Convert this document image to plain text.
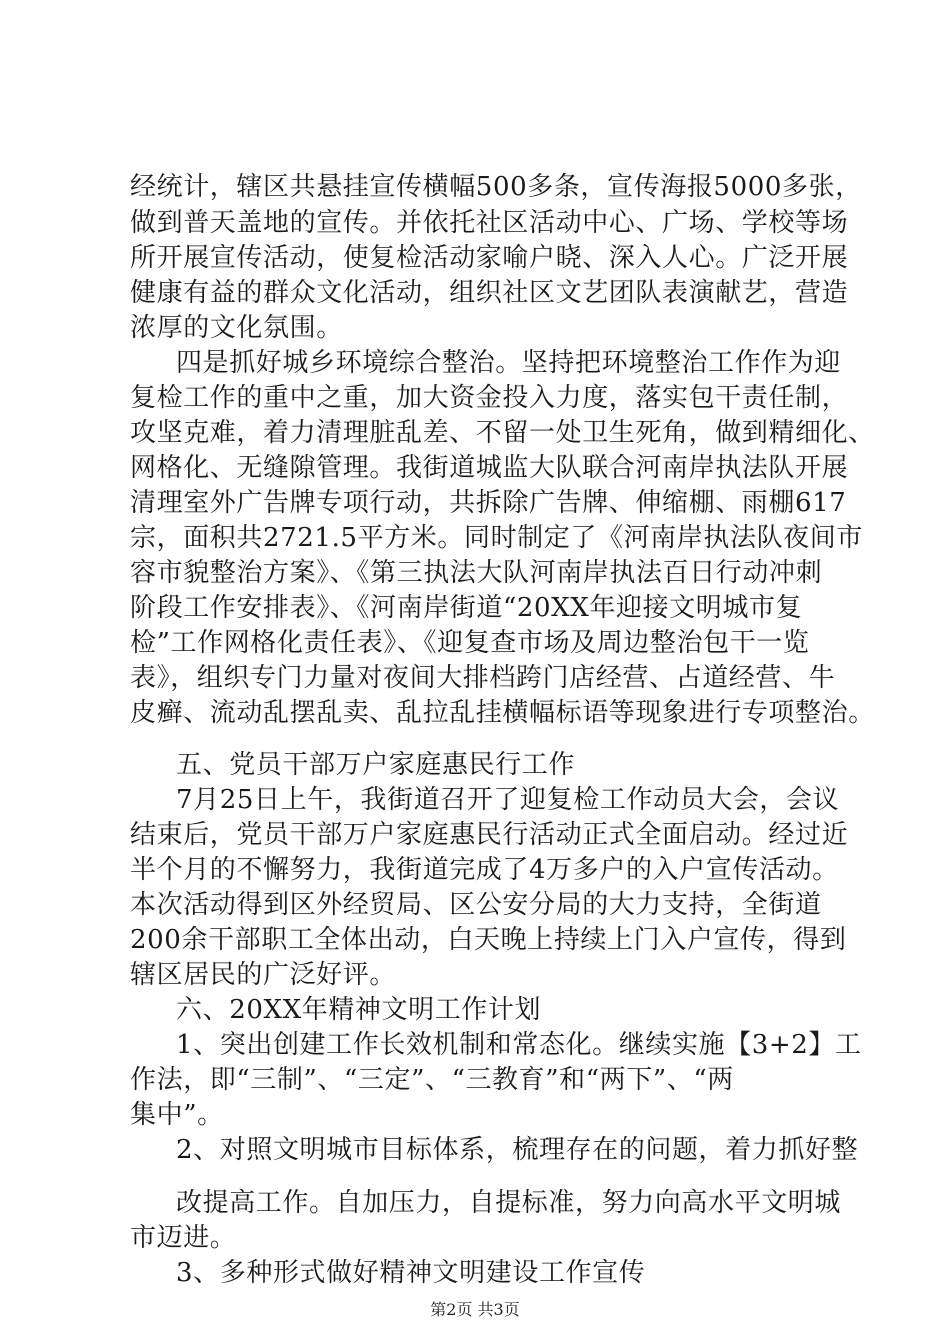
经统计，辖区共悬挂宣传横幅500多条，宣传海报5000多张，
做到普天盖地的宣传。并依托社区活动中心、广场、学校等场
所开展宣传活动，使复检活动家喻户晓、深入人心。广泛开展
健康有益的群众文化活动，组织社区文艺团队表演献艺，营造
浓厚的文化氛围。
四是抓好城乡环境综合整治。坚持把环境整治工作作为迎
复检工作的重中之重，加大资金投入力度，落实包干责任制，
攻坚克难，着力清理脏乱差、不留一处卫生死角，做到精细化、
网格化、无缝隙管理。我街道城监大队联合河南岸执法队开展
清理室外广告牌专项行动，共拆除广告牌、伸缩棚、雨棚617
宗，面积共2721.5平方米。同时制定了《河南岸执法队夜间市
容市貌整治方案》、《第三执法大队河南岸执法百日行动冲刺
阶段工作安排表》、《河南岸街道“20XX年迎接文明城市复
检”工作网格化责任表》、《迎复查市场及周边整治包干一览
表》，组织专门力量对夜间大排档跨门店经营、占道经营、牛
皮癣、流动乱摆乱卖、乱拉乱挂横幅标语等现象进行专项整治。
五、党员干部万户家庭惠民行工作
7月25日上午，我街道召开了迎复检工作动员大会，会议
结束后，党员干部万户家庭惠民行活动正式全面启动。经过近
半个月的不懈努力，我街道完成了4万多户的入户宣传活动。
本次活动得到区外经贸局、区公安分局的大力支持，全街道
200余干部职工全体出动，白天晚上持续上门入户宣传，得到
辖区居民的广泛好评。
六、20XX年精神文明工作计划
1、突出创建工作长效机制和常态化。继续实施【3+2】工
作法，即“三制”、“三定”、“三教育”和“两下”、“两
集中”。
2、对照文明城市目标体系，梳理存在的问题，着力抓好整
改提高工作。自加压力，自提标准，努力向高水平文明城
市迈进。
3、多种形式做好精神文明建设工作宣传
第2页 共3页
